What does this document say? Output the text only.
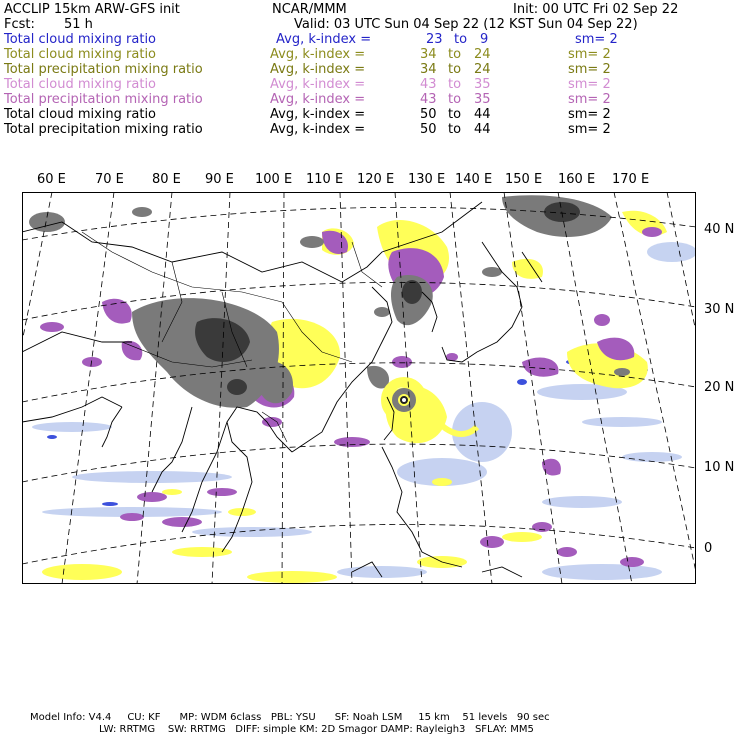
ACCLIP 15km ARW-GFS init	NCAR/MMM	Init: 00 UTC Fri 02 Sep 22
Fcst: 51 h	Valid: 03 UTC Sun 04 Sep 22 (12 KST Sun 04 Sep 22)
Total cloud mixing ratio	Avg, k-index =	23 to 9	sm= 2
Total cloud mixing ratio	Avg, k-index =	34 to 24	sm= 2
Total precipitation mixing ratio	Avg, k-index =	34 to 24	sm= 2
Total cloud mixing ratio	Avg, k-index =	43 to 35	sm= 2
Total precipitation mixing ratio	Avg, k-index =	43 to 35	sm= 2
Total cloud mixing ratio	Avg, k-index =	50 to 44	sm= 2
Total precipitation mixing ratio	Avg, k-index =	50 to 44	sm= 2
60 E 70 E 80 E 90 E 100 E 110 E 120 E 130 E 140 E 150 E 160 E 170 E
40 N
30 N
20 N
10 N
0
Model Info: V4.4     CU: KF      MP: WDM 6class   PBL: YSU      SF: Noah LSM     15 km    51 levels   90 sec
LW: RRTMG    SW: RRTMG   DIFF: simple KM: 2D Smagor DAMP: Rayleigh3   SFLAY: MM5
